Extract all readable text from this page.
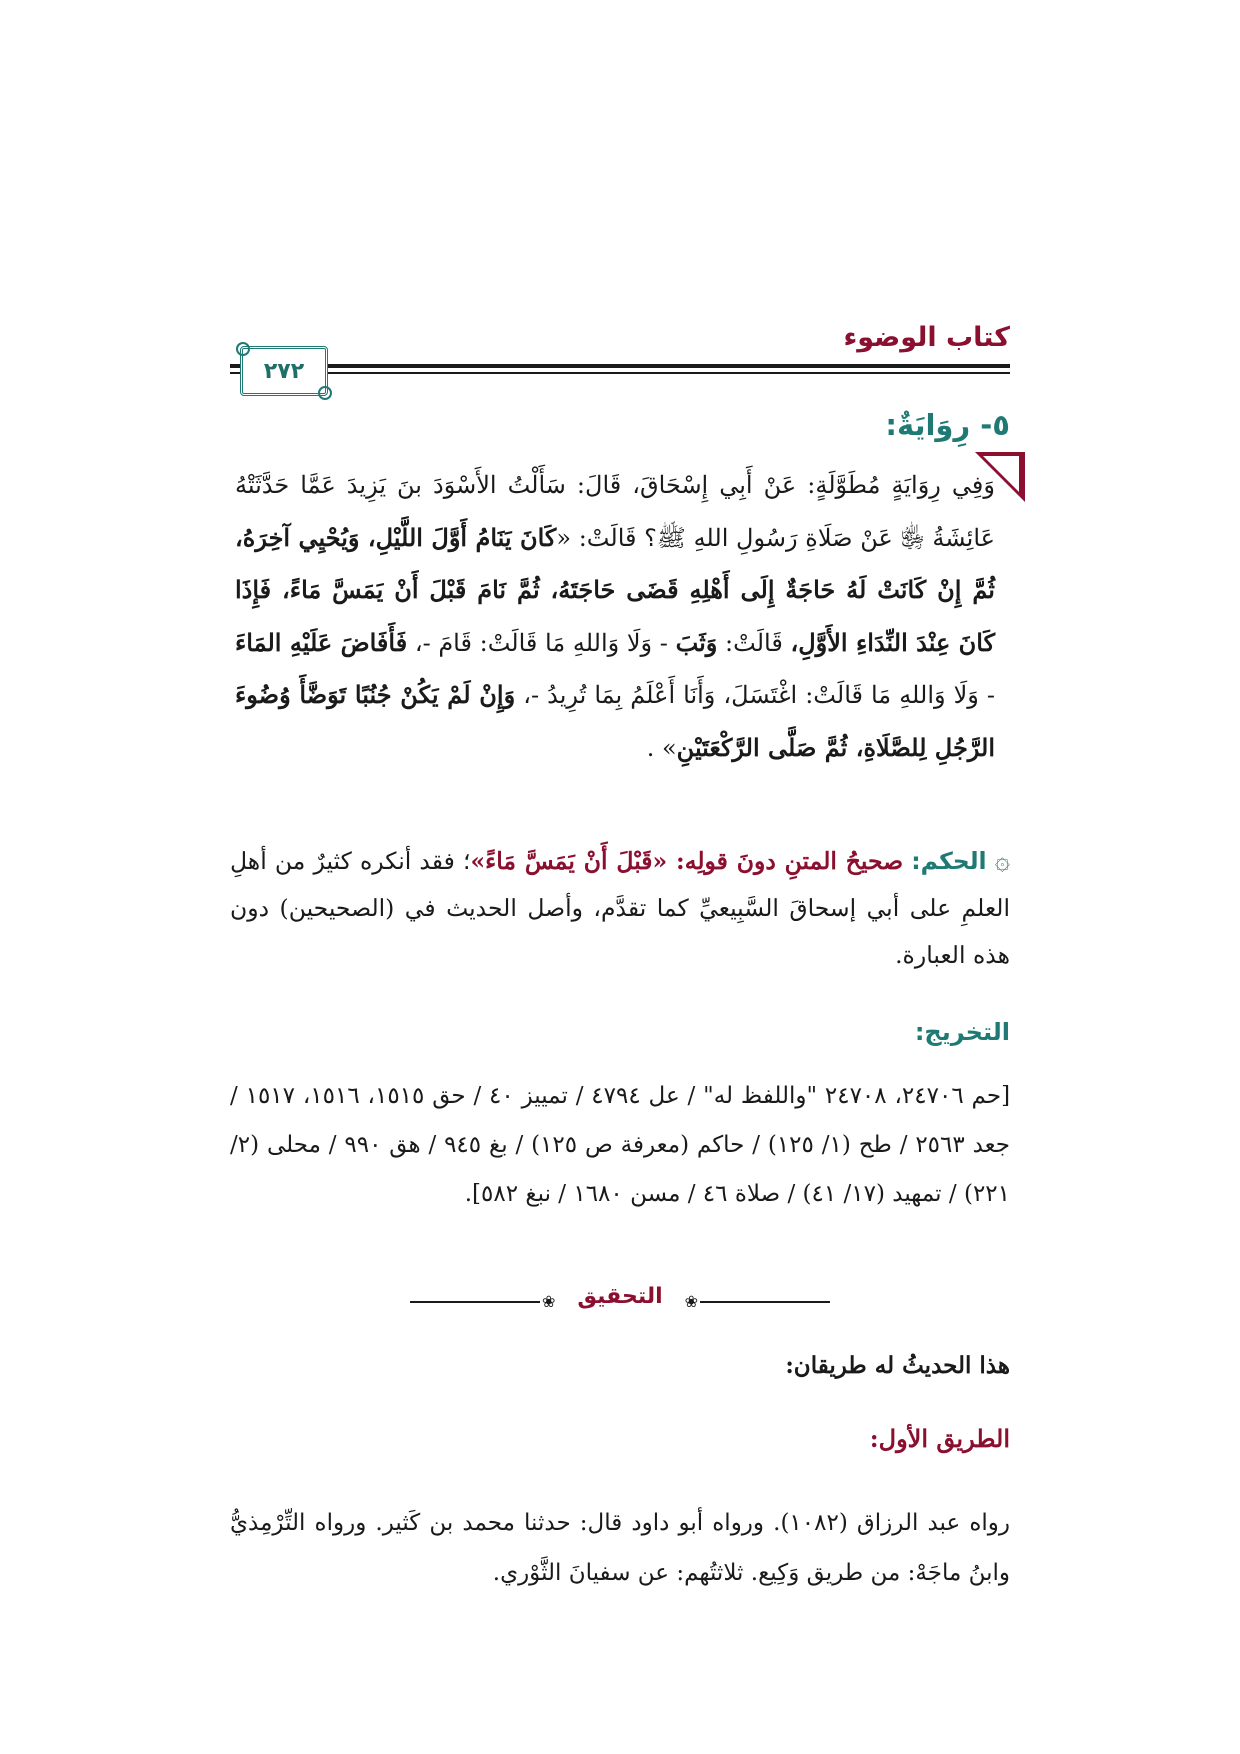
كتاب الوضوء
٢٧٢
٥- رِوَايَةٌ:

وَفِي رِوَايَةٍ مُطَوَّلَةٍ: عَنْ أَبِي إِسْحَاقَ، قَالَ: سَأَلْتُ الأَسْوَدَ بنَ يَزِيدَ عَمَّا حَدَّثَتْهُ عَائِشَةُ ﵂ عَنْ صَلَاةِ رَسُولِ اللهِ ﷺ؟ قَالَتْ: «كَانَ يَنَامُ أَوَّلَ اللَّيْلِ، وَيُحْيِي آخِرَهُ، ثُمَّ إِنْ كَانَتْ لَهُ حَاجَةٌ إِلَى أَهْلِهِ قَضَى حَاجَتَهُ، ثُمَّ نَامَ قَبْلَ أَنْ يَمَسَّ مَاءً، فَإِذَا كَانَ عِنْدَ النِّدَاءِ الأَوَّلِ، قَالَتْ: وَثَبَ - وَلَا وَاللهِ مَا قَالَتْ: قَامَ -، فَأَفَاضَ عَلَيْهِ المَاءَ - وَلَا وَاللهِ مَا قَالَتْ: اغْتَسَلَ، وَأَنَا أَعْلَمُ بِمَا تُرِيدُ -، وَإِنْ لَمْ يَكُنْ جُنُبًا تَوَضَّأَ وُضُوءَ الرَّجُلِ لِلصَّلَاةِ، ثُمَّ صَلَّى الرَّكْعَتَيْنِ» .

۞ الحكم: صحيحُ المتنِ دونَ قولِه: «قَبْلَ أَنْ يَمَسَّ مَاءً»؛ فقد أنكره كثيرٌ من أهلِ العلمِ على أبي إسحاقَ السَّبِيعيِّ كما تقدَّم، وأصل الحديث في (الصحيحين) دون هذه العبارة.

التخريج:

[حم ٢٤٧٠٦، ٢٤٧٠٨ "واللفظ له" / عل ٤٧٩٤ / تمييز ٤٠ / حق ١٥١٥، ١٥١٦، ١٥١٧ / جعد ٢٥٦٣ / طح (١/ ١٢٥) / حاكم (معرفة ص ١٢٥) / بغ ٩٤٥ / هق ٩٩٠ / محلى (٢/ ٢٢١) / تمهيد (١٧/ ٤١) / صلاة ٤٦ / مسن ١٦٨٠ / نبغ ٥٨٢].

❀ التحقيق	❀
هذا الحديثُ له طريقان:
الطريق الأول:

رواه عبد الرزاق (١٠٨٢). ورواه أبو داود قال: حدثنا محمد بن كَثير. ورواه التِّرْمِذيُّ وابنُ ماجَهْ: من طريق وَكِيع. ثلاثتُهم: عن سفيانَ الثَّوْري.
